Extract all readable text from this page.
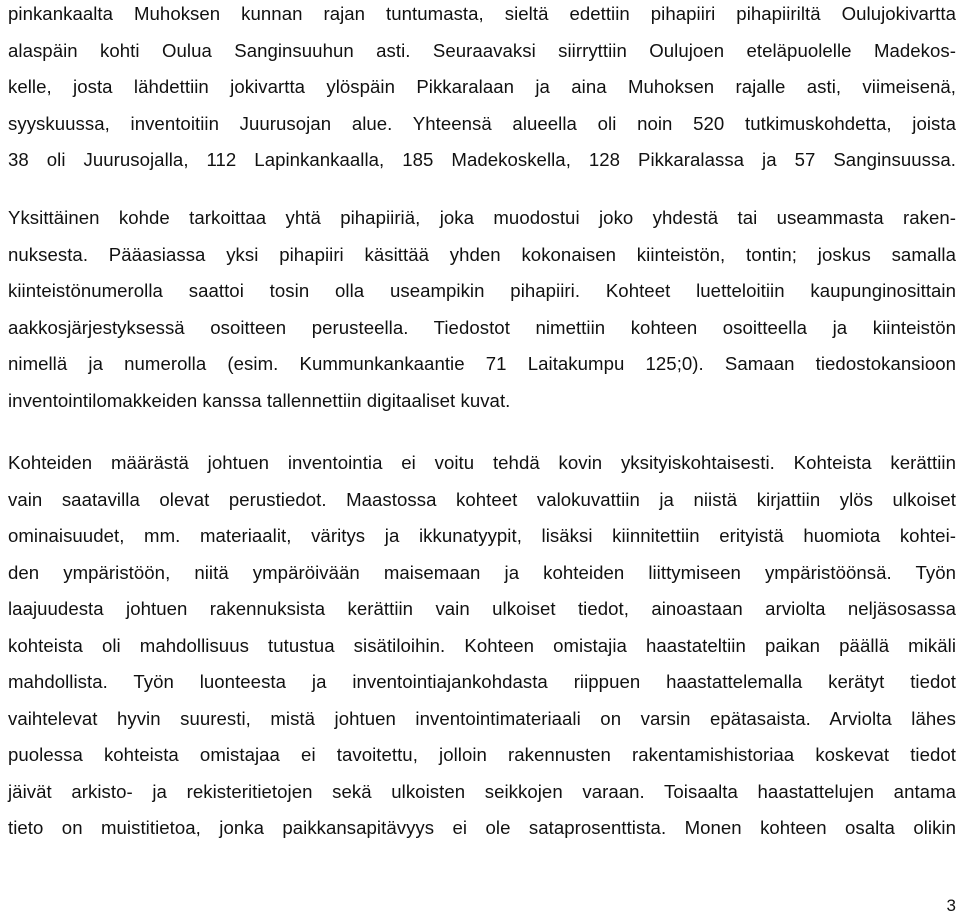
pinkankaalta Muhoksen kunnan rajan tuntumasta, sieltä edettiin pihapiiri pihapiiriltä Oulujokivartta
alaspäin kohti Oulua Sanginsuuhun asti. Seuraavaksi siirryttiin Oulujoen eteläpuolelle Madekos-
kelle, josta lähdettiin jokivartta ylöspäin Pikkaralaan ja aina Muhoksen rajalle asti, viimeisenä,
syyskuussa, inventoitiin Juurusojan alue. Yhteensä alueella oli noin 520 tutkimuskohdetta, joista
38 oli Juurusojalla, 112 Lapinkankaalla, 185 Madekoskella, 128 Pikkaralassa ja 57 Sanginsuussa.
Yksittäinen kohde tarkoittaa yhtä pihapiiriä, joka muodostui joko yhdestä tai useammasta raken-
nuksesta. Pääasiassa yksi pihapiiri käsittää yhden kokonaisen kiinteistön, tontin; joskus samalla
kiinteistönumerolla saattoi tosin olla useampikin pihapiiri. Kohteet luetteloitiin kaupunginosittain
aakkosjärjestyksessä osoitteen perusteella. Tiedostot nimettiin kohteen osoitteella ja kiinteistön
nimellä ja numerolla (esim. Kummunkankaantie 71 Laitakumpu 125;0). Samaan tiedostokansioon
inventointilomakkeiden kanssa tallennettiin digitaaliset kuvat.
Kohteiden määrästä johtuen inventointia ei voitu tehdä kovin yksityiskohtaisesti. Kohteista kerättiin
vain saatavilla olevat perustiedot. Maastossa kohteet valokuvattiin ja niistä kirjattiin ylös ulkoiset
ominaisuudet, mm. materiaalit, väritys ja ikkunatyypit, lisäksi kiinnitettiin erityistä huomiota kohtei-
den ympäristöön, niitä ympäröivään maisemaan ja kohteiden liittymiseen ympäristöönsä. Työn
laajuudesta johtuen rakennuksista kerättiin vain ulkoiset tiedot, ainoastaan arviolta neljäsosassa
kohteista oli mahdollisuus tutustua sisätiloihin. Kohteen omistajia haastateltiin paikan päällä mikäli
mahdollista. Työn luonteesta ja inventointiajankohdasta riippuen haastattelemalla kerätyt tiedot
vaihtelevat hyvin suuresti, mistä johtuen inventointimateriaali on varsin epätasaista. Arviolta lähes
puolessa kohteista omistajaa ei tavoitettu, jolloin rakennusten rakentamishistoriaa koskevat tiedot
jäivät arkisto- ja rekisteritietojen sekä ulkoisten seikkojen varaan. Toisaalta haastattelujen antama
tieto on muistitietoa, jonka paikkansapitävyys ei ole sataprosenttista. Monen kohteen osalta olikin
3
